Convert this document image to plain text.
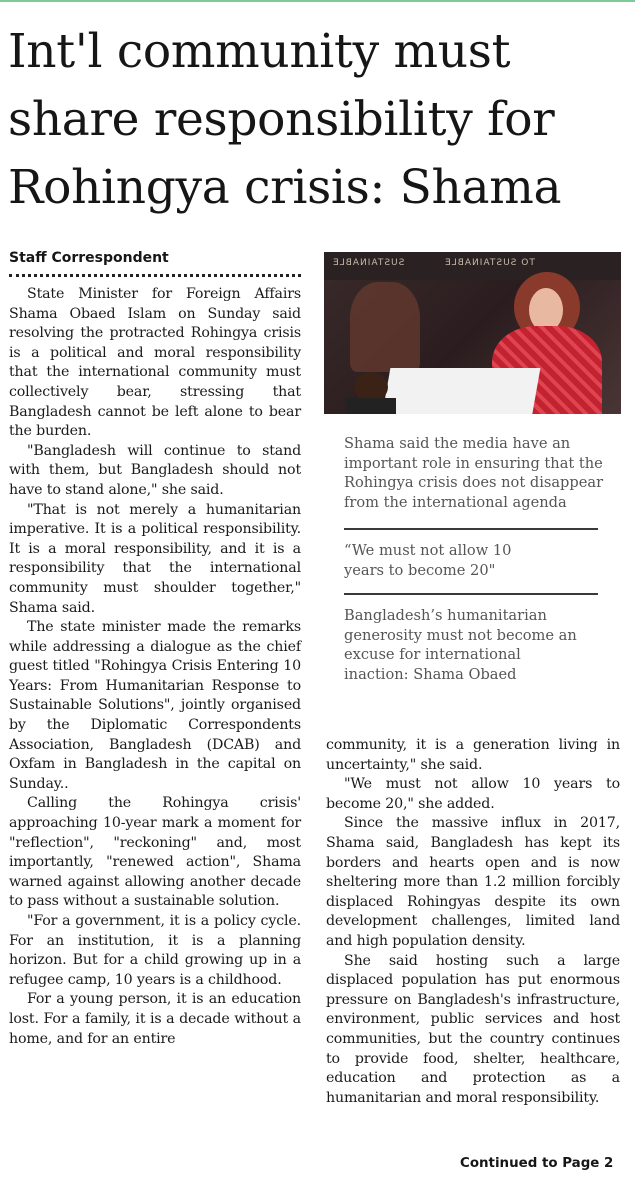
Int'l community must share responsibility for Rohingya crisis: Shama
Staff Correspondent

State Minister for Foreign Affairs Shama Obaed Islam on Sunday said resolving the protracted Rohingya crisis is a political and moral responsibility that the international community must collectively bear, stressing that Bangladesh cannot be left alone to bear the burden.

"Bangladesh will continue to stand with them, but Bangladesh should not have to stand alone," she said.

"That is not merely a humanitarian imperative. It is a political responsibility. It is a moral responsibility, and it is a responsibility that the international community must shoulder together," Shama said.

The state minister made the remarks while addressing a dialogue as the chief guest titled "Rohingya Crisis Entering 10 Years: From Humanitarian Response to Sustainable Solutions", jointly organised by the Diplomatic Correspondents Association, Bangladesh (DCAB) and Oxfam in Bangladesh in the capital on Sunday..

Calling the Rohingya crisis' approaching 10-year mark a moment for "reflection", "reckoning" and, most importantly, "renewed action", Shama warned against allowing another decade to pass without a sustainable solution.

"For a government, it is a policy cycle. For an institution, it is a planning horizon. But for a child growing up in a refugee camp, 10 years is a childhood.

For a young person, it is an education lost. For a family, it is a decade without a home, and for an entire

SUSTAINABLE	TO SUSTAINABLE

Shama said the media have an important role in ensuring that the Rohingya crisis does not disappear from the international agenda

“We must not allow 10 years to become 20"

Bangladesh’s humanitarian generosity must not become an excuse for international inaction: Shama Obaed

community, it is a generation living in uncertainty," she said.

"We must not allow 10 years to become 20," she added.

Since the massive influx in 2017, Shama said, Bangladesh has kept its borders and hearts open and is now sheltering more than 1.2 million forcibly displaced Rohingyas despite its own development challenges, limited land and high population density.

She said hosting such a large displaced population has put enormous pressure on Bangladesh's infrastructure, environment, public services and host communities, but the country continues to provide food, shelter, healthcare, education and protection as a humanitarian and moral responsibility.

Continued to Page 2
